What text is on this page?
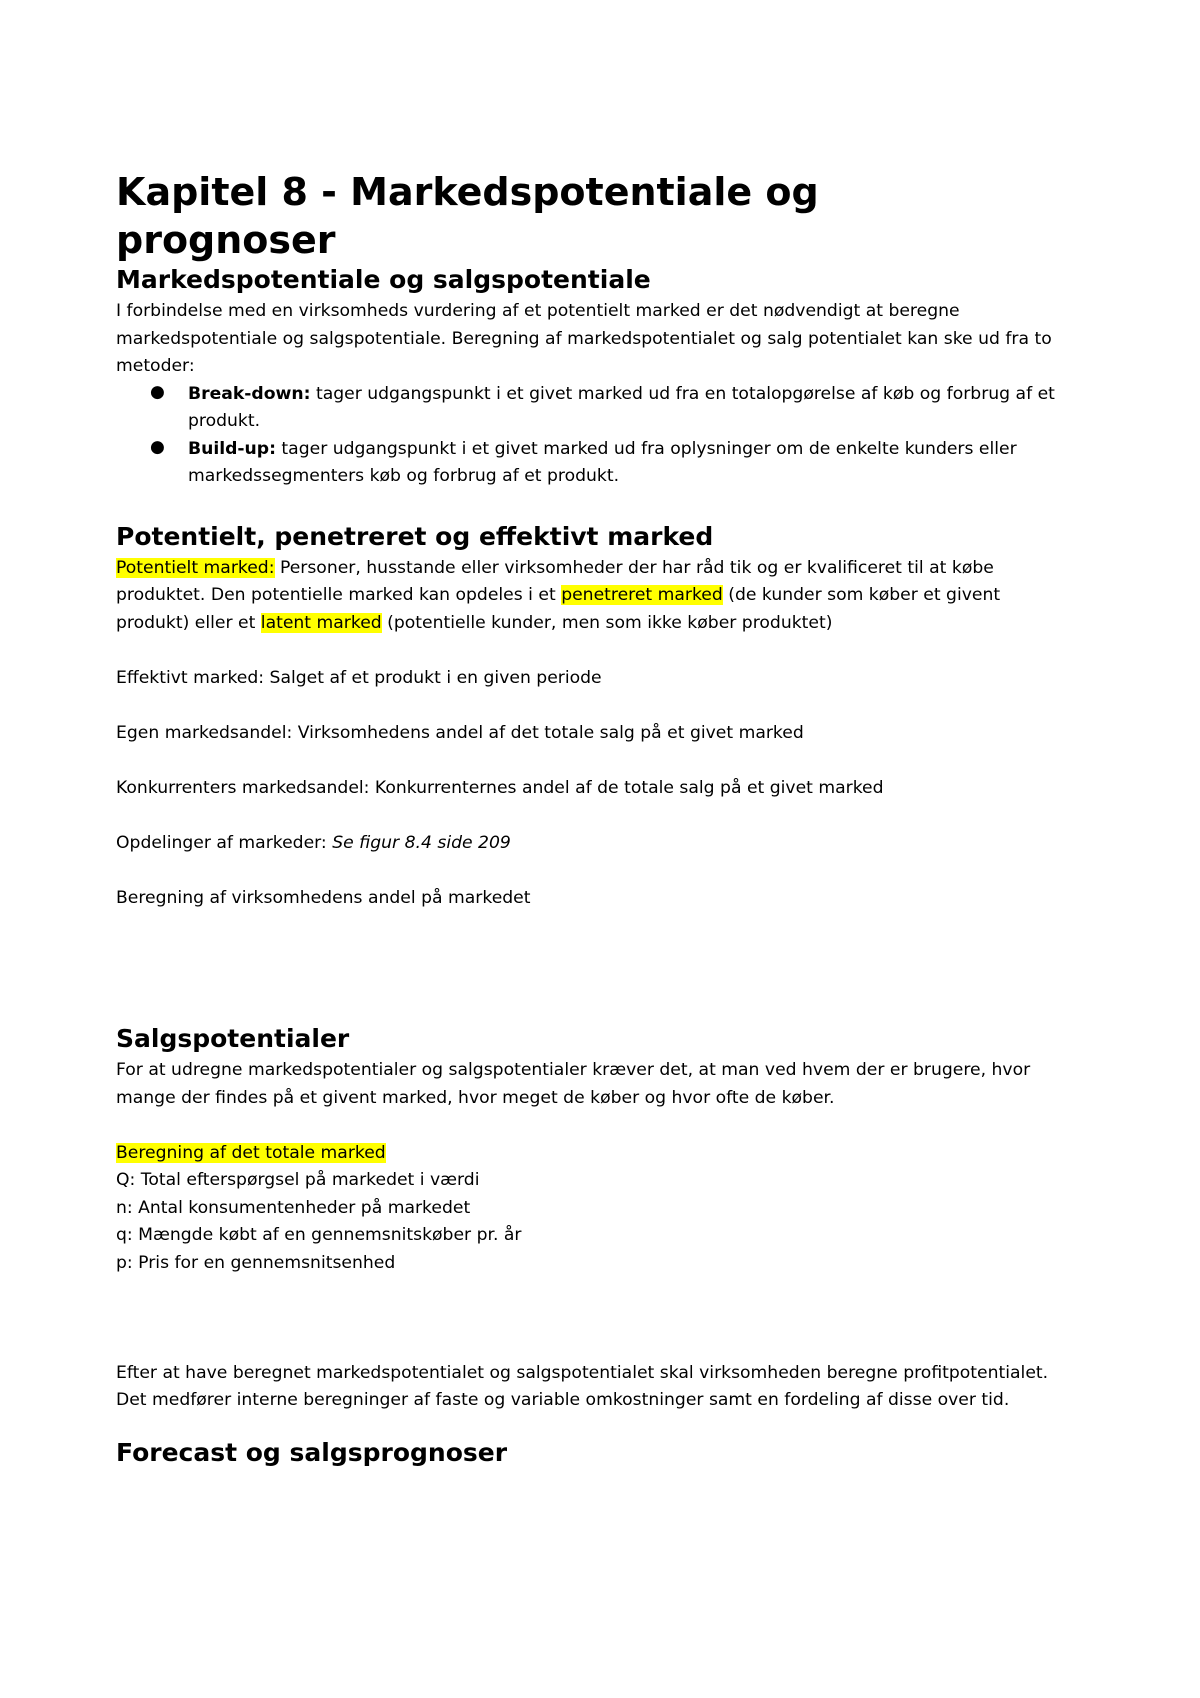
Kapitel 8 - Markedspotentiale og
prognoser
Markedspotentiale og salgspotentiale

I forbindelse med en virksomheds vurdering af et potentielt marked er det nødvendigt at beregne

markedspotentiale og salgspotentiale. Beregning af markedspotentialet og salg potentialet kan ske ud fra to

metoder:

● Break-down: tager udgangspunkt i et givet marked ud fra en totalopgørelse af køb og forbrug af et
produkt.
● Build-up: tager udgangspunkt i et givet marked ud fra oplysninger om de enkelte kunders eller
markedssegmenters køb og forbrug af et produkt.
Potentielt, penetreret og effektivt marked

Potentielt marked: Personer, husstande eller virksomheder der har råd tik og er kvalificeret til at købe

produktet. Den potentielle marked kan opdeles i et penetreret marked (de kunder som køber et givent

produkt) eller et latent marked (potentielle kunder, men som ikke køber produktet)

Effektivt marked: Salget af et produkt i en given periode

Egen markedsandel: Virksomhedens andel af det totale salg på et givet marked

Konkurrenters markedsandel: Konkurrenternes andel af de totale salg på et givet marked

Opdelinger af markeder: Se figur 8.4 side 209

Beregning af virksomhedens andel på markedet

Salgspotentialer

For at udregne markedspotentialer og salgspotentialer kræver det, at man ved hvem der er brugere, hvor

mange der findes på et givent marked, hvor meget de køber og hvor ofte de køber.

Beregning af det totale marked

Q: Total efterspørgsel på markedet i værdi

n: Antal konsumentenheder på markedet

q: Mængde købt af en gennemsnitskøber pr. år

p: Pris for en gennemsnitsenhed

Efter at have beregnet markedspotentialet og salgspotentialet skal virksomheden beregne profitpotentialet.

Det medfører interne beregninger af faste og variable omkostninger samt en fordeling af disse over tid.

Forecast og salgsprognoser
